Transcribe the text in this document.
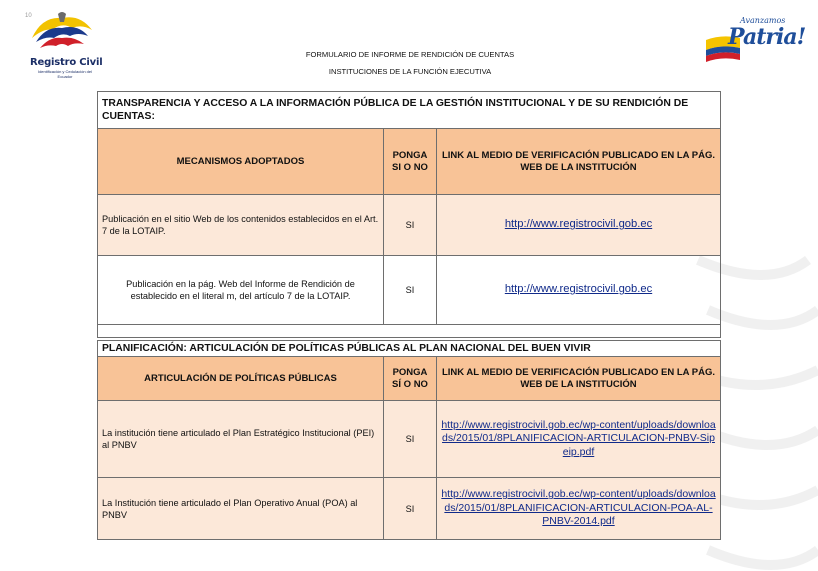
10
Registro Civil
Identificación y Cedulación del Ecuador
FORMULARIO DE INFORME DE RENDICIÓN DE CUENTAS
INSTITUCIONES DE LA FUNCIÓN EJECUTIVA
Avanzamos
Patria!
TRANSPARENCIA Y ACCESO A LA INFORMACIÓN PÚBLICA DE LA GESTIÓN INSTITUCIONAL Y DE SU RENDICIÓN DE CUENTAS:		
MECANISMOS ADOPTADOS	PONGA SI O NO	LINK AL MEDIO DE VERIFICACIÓN PUBLICADO EN LA PÁG. WEB DE LA INSTITUCIÓN
Publicación en el sitio Web de los contenidos establecidos en el Art. 7 de la LOTAIP.	SI	http://www.registrocivil.gob.ec
Publicación en la pág. Web del Informe de Rendición de establecido en el literal m, del artículo 7 de la LOTAIP.	SI	http://www.registrocivil.gob.ec
PLANIFICACIÓN: ARTICULACIÓN DE POLÍTICAS PÚBLICAS AL PLAN NACIONAL DEL BUEN VIVIR		
ARTICULACIÓN DE POLÍTICAS PÚBLICAS	PONGA SÍ O NO	LINK AL MEDIO DE VERIFICACIÓN PUBLICADO EN LA PÁG. WEB DE LA INSTITUCIÓN
La institución tiene articulado el Plan Estratégico Institucional (PEI) al PNBV	SI	http://www.registrocivil.gob.ec/wp-content/uploads/downloads/2015/01/8PLANIFICACION-ARTICULACION-PNBV-Sipeip.pdf
La Institución tiene articulado el Plan Operativo Anual (POA) al PNBV	SI	http://www.registrocivil.gob.ec/wp-content/uploads/downloads/2015/01/8PLANIFICACION-ARTICULACION-POA-AL-PNBV-2014.pdf
